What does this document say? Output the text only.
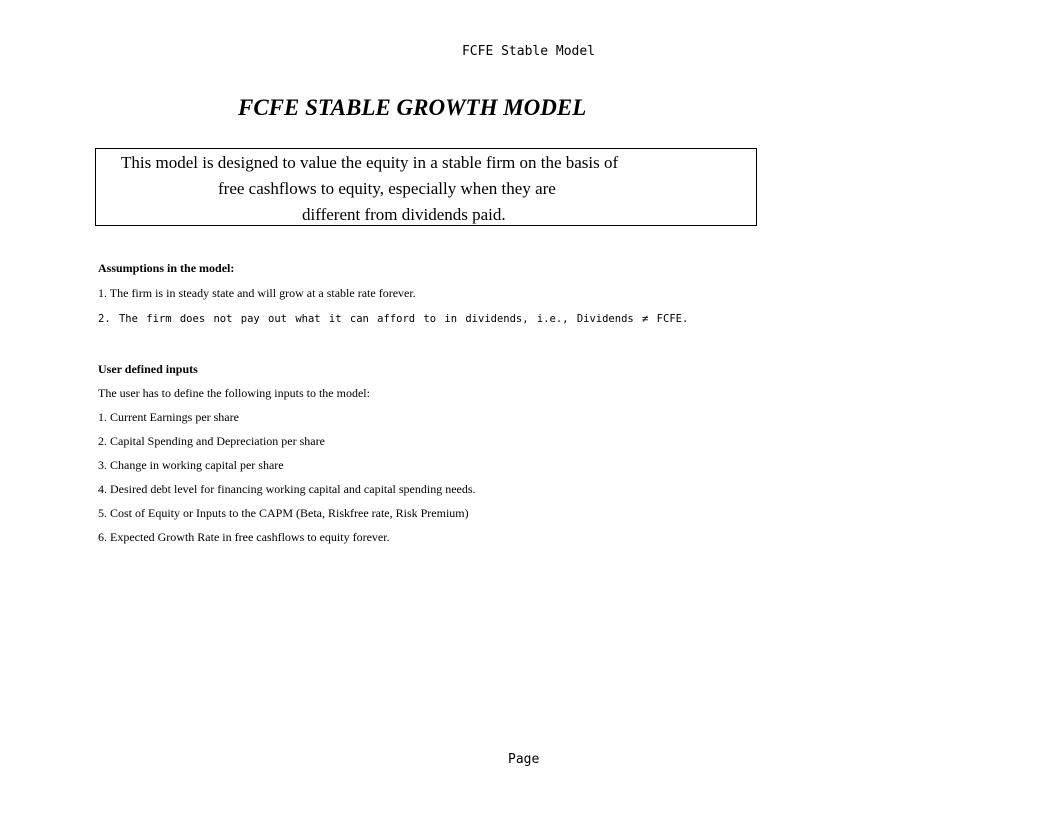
FCFE Stable Model
FCFE STABLE GROWTH MODEL
This model is designed to value the equity in a stable firm on the basis of
free cashflows to equity, especially when they are
different from dividends paid.
Assumptions in the model:
1. The firm is in steady state and will grow at a stable rate forever.
2. The firm does not pay out what it can afford to in dividends, i.e., Dividends ≠ FCFE.
User defined inputs
The user has to define the following inputs to the model:
1. Current Earnings per share
2. Capital Spending and Depreciation per share
3. Change in working capital per share
4. Desired debt level for financing working capital and capital spending needs.
5. Cost of Equity or Inputs to the CAPM (Beta, Riskfree rate, Risk Premium)
6. Expected Growth Rate in free cashflows to equity forever.
Page
